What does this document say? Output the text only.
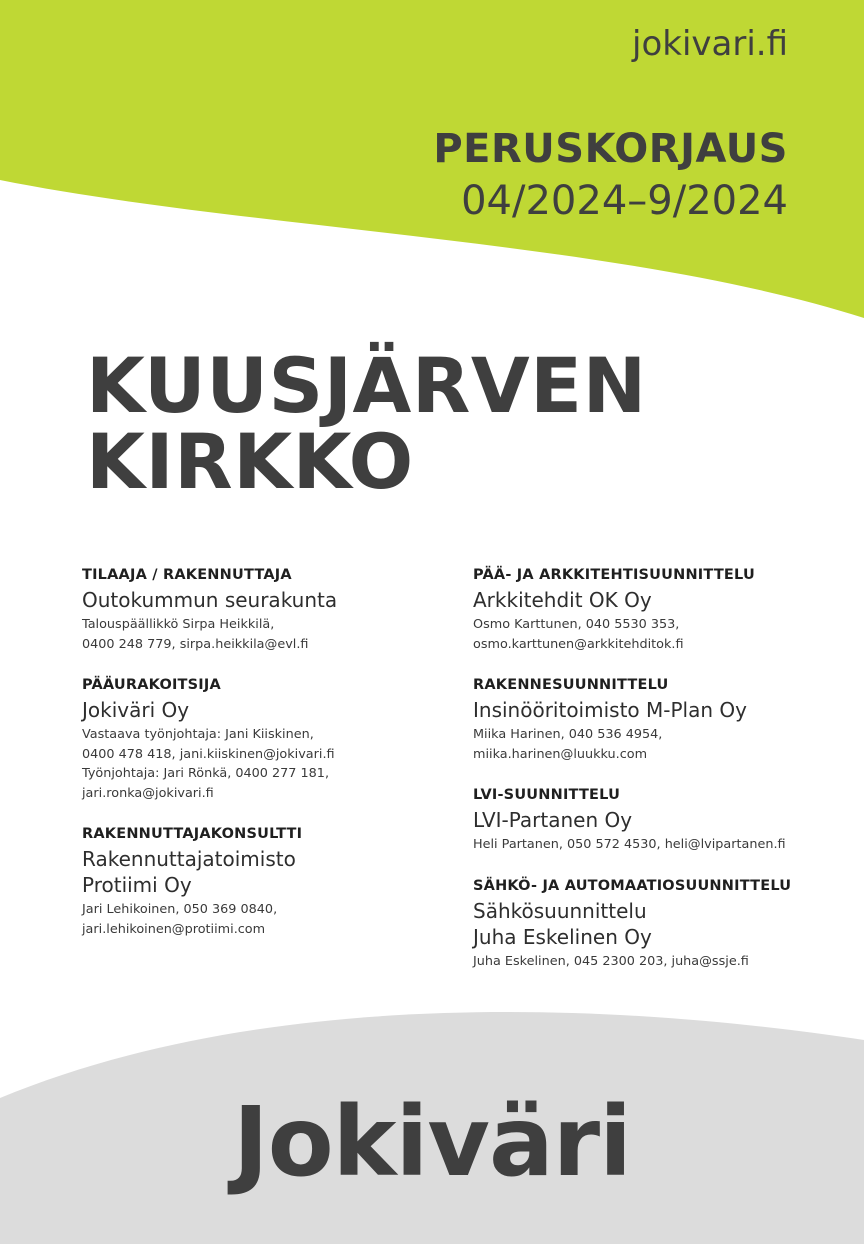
jokivari.fi
PERUSKORJAUS
04/2024–9/2024
KUUSJÄRVEN
KIRKKO
TILAAJA / RAKENNUTTAJA
Outokummun seurakunta
Talouspäällikkö Sirpa Heikkilä,
0400 248 779, sirpa.heikkila@evl.fi
PÄÄURAKOITSIJA
Jokiväri Oy
Vastaava työnjohtaja: Jani Kiiskinen,
0400 478 418, jani.kiiskinen@jokivari.fi
Työnjohtaja: Jari Rönkä, 0400 277 181,
jari.ronka@jokivari.fi
RAKENNUTTAJAKONSULTTI
Rakennuttajatoimisto
Protiimi Oy
Jari Lehikoinen, 050 369 0840,
jari.lehikoinen@protiimi.com
PÄÄ- JA ARKKITEHTISUUNNITTELU
Arkkitehdit OK Oy
Osmo Karttunen, 040 5530 353,
osmo.karttunen@arkkitehditok.fi
RAKENNESUUNNITTELU
Insinööritoimisto M-Plan Oy
Miika Harinen, 040 536 4954,
miika.harinen@luukku.com
LVI-SUUNNITTELU
LVI-Partanen Oy
Heli Partanen, 050 572 4530, heli@lvipartanen.fi
SÄHKÖ- JA AUTOMAATIOSUUNNITTELU
Sähkösuunnittelu
Juha Eskelinen Oy
Juha Eskelinen, 045 2300 203, juha@ssje.fi
Jokiväri
